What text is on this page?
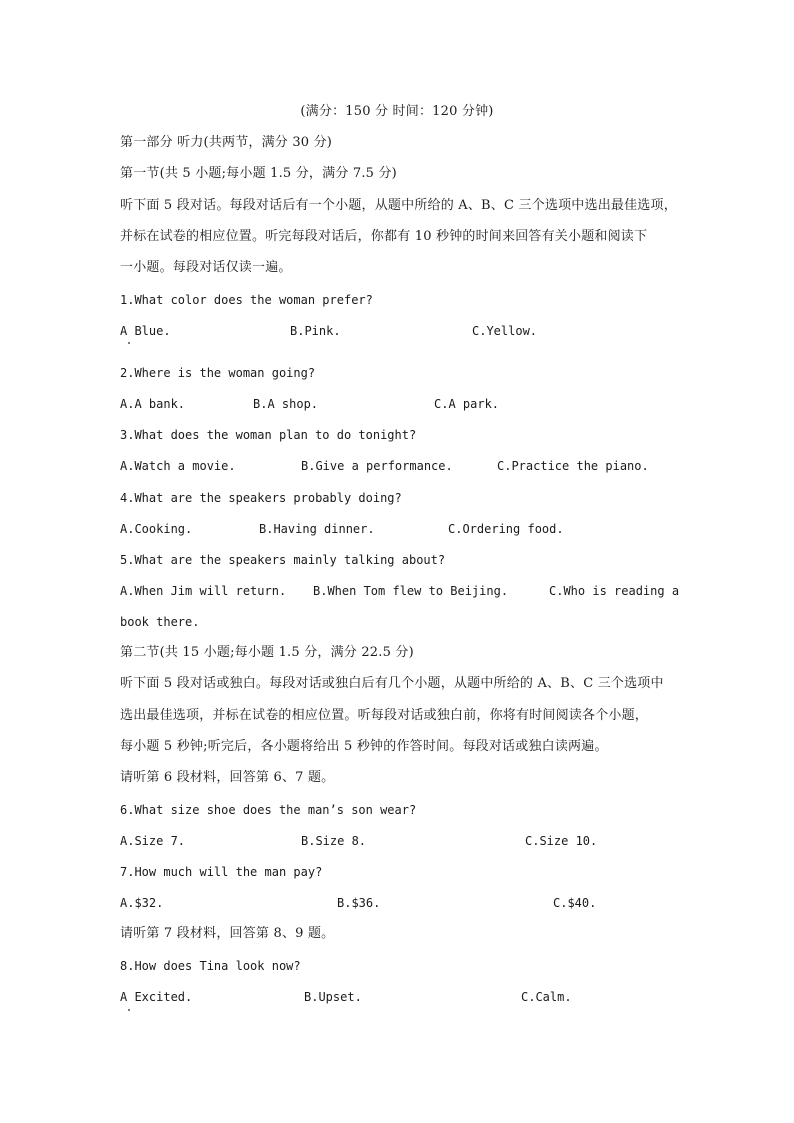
(满分：150 分 时间：120 分钟)
第一部分 听力(共两节，满分 30 分)
第一节(共 5 小题;每小题 1.5 分，满分 7.5 分)
听下面 5 段对话。每段对话后有一个小题，从题中所给的 A、B、C 三个选项中选出最佳选项，
并标在试卷的相应位置。听完每段对话后，你都有 10 秒钟的时间来回答有关小题和阅读下
一小题。每段对话仅读一遍。
1.What color does the woman prefer?
A Blue.	B.Pink.	C.Yellow.
2.Where is the woman going?
A.A bank.	B.A shop.	C.A park.
3.What does the woman plan to do tonight?
A.Watch a movie.	B.Give a performance.	C.Practice the piano.
4.What are the speakers probably doing?
A.Cooking.	B.Having dinner.	C.Ordering food.
5.What are the speakers mainly talking about?
A.When Jim will return. B.When Tom flew to Beijing.	C.Who is reading a
book there.
第二节(共 15 小题;每小题 1.5 分，满分 22.5 分)
听下面 5 段对话或独白。每段对话或独白后有几个小题，从题中所给的 A、B、C 三个选项中
选出最佳选项，并标在试卷的相应位置。听每段对话或独白前，你将有时间阅读各个小题，
每小题 5 秒钟;听完后，各小题将给出 5 秒钟的作答时间。每段对话或独白读两遍。
请听第 6 段材料，回答第 6、7 题。
6.What size shoe does the man’s son wear?
A.Size 7.	B.Size 8.	C.Size 10.
7.How much will the man pay?
A.$32.	B.$36.	C.$40.
请听第 7 段材料，回答第 8、9 题。
8.How does Tina look now?
A Excited.	B.Upset.	C.Calm.
